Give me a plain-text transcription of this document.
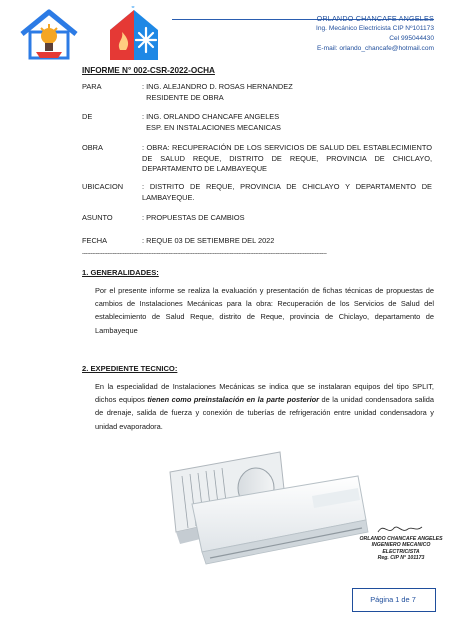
ORLANDO CHANCAFE ANGELES
Ing. Mecánico Electricista CIP Nº101173
Cel 995044430
E-mail: orlando_chancafe@hotmail.com
INFORME N° 002-CSR-2022-OCHA
PARA	: ING. ALEJANDRO D. ROSAS HERNANDEZ
RESIDENTE DE OBRA
DE	: ING. ORLANDO CHANCAFE ANGELES
ESP. EN INSTALACIONES MECANICAS
OBRA	: OBRA: RECUPERACIÓN DE LOS SERVICIOS DE SALUD DEL ESTABLECIMIENTO DE SALUD REQUE, DISTRITO DE REQUE, PROVINCIA DE CHICLAYO, DEPARTAMENTO DE LAMBAYEQUE
UBICACION	: DISTRITO DE REQUE, PROVINCIA DE CHICLAYO Y DEPARTAMENTO DE LAMBAYEQUE.
ASUNTO	: PROPUESTAS DE CAMBIOS
FECHA	: REQUE 03 DE SETIEMBRE DEL 2022
------------------------------------------------------------------------------------------------------------------------------------------------
1. GENERALIDADES:
Por el presente informe se realiza la evaluación y presentación de fichas técnicas de propuestas de cambios de Instalaciones Mecánicas para la obra: Recuperación de los Servicios de Salud del establecimiento de Salud Reque, distrito de Reque, provincia de Chiclayo, departamento de Lambayeque
2. EXPEDIENTE TECNICO:
En la especialidad de Instalaciones Mecánicas se indica que se instalaran equipos del tipo SPLIT, dichos equipos tienen como preinstalación en la parte posterior de la unidad condensadora salida de drenaje, salida de fuerza y conexión de tuberías de refrigeración entre unidad condensadora y unidad evaporadora.
ORLANDO CHANCAFE ANGELES
INGENIERO MECANICO ELECTRICISTA
Reg. CIP N° 101173
Página 1 de 7
